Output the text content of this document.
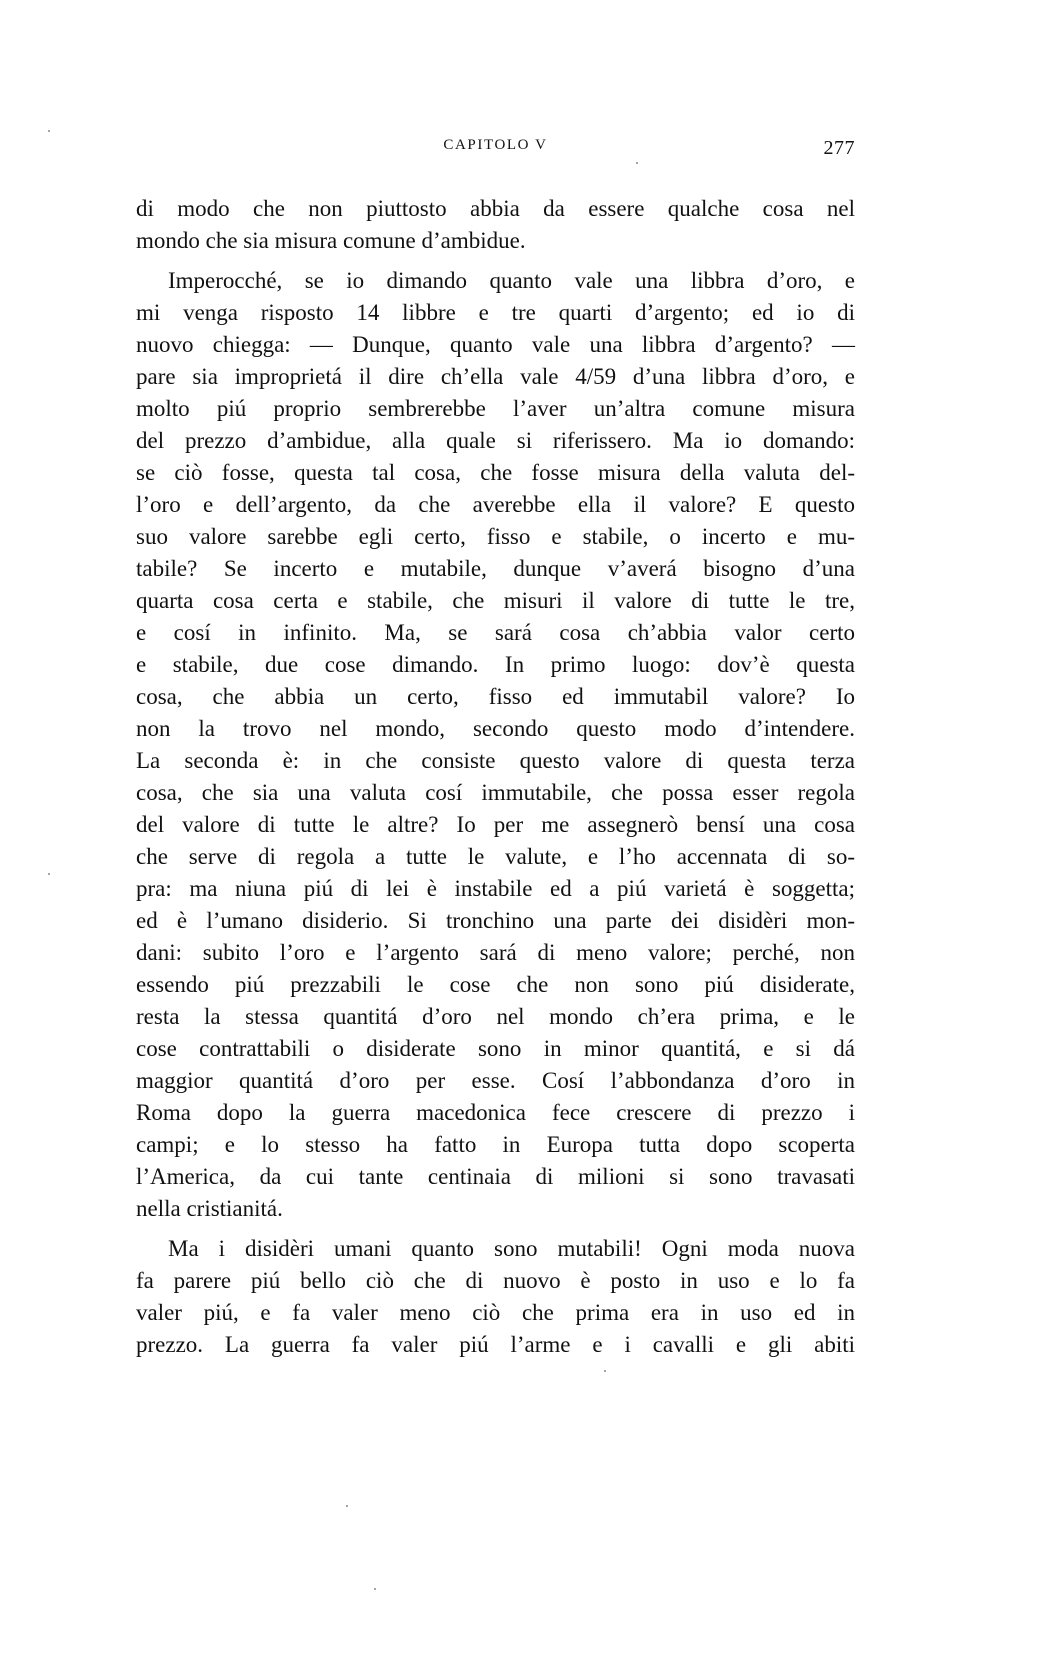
CAPITOLO V	277
di modo che non piuttosto abbia da essere qualche cosa nel
mondo che sia misura comune d’ambidue.
Imperocché, se io dimando quanto vale una libbra d’oro, e
mi venga risposto 14 libbre e tre quarti d’argento; ed io di
nuovo chiegga: — Dunque, quanto vale una libbra d’argento? —
pare sia improprietá il dire ch’ella vale 4/59 d’una libbra d’oro, e
molto piú proprio sembrerebbe l’aver un’altra comune misura
del prezzo d’ambidue, alla quale si riferissero. Ma io domando:
se ciò fosse, questa tal cosa, che fosse misura della valuta del-
l’oro e dell’argento, da che averebbe ella il valore? E questo
suo valore sarebbe egli certo, fisso e stabile, o incerto e mu-
tabile? Se incerto e mutabile, dunque v’averá bisogno d’una
quarta cosa certa e stabile, che misuri il valore di tutte le tre,
e cosí in infinito. Ma, se sará cosa ch’abbia valor certo
e stabile, due cose dimando. In primo luogo: dov’è questa
cosa, che abbia un certo, fisso ed immutabil valore? Io
non la trovo nel mondo, secondo questo modo d’intendere.
La seconda è: in che consiste questo valore di questa terza
cosa, che sia una valuta cosí immutabile, che possa esser regola
del valore di tutte le altre? Io per me assegnerò bensí una cosa
che serve di regola a tutte le valute, e l’ho accennata di so-
pra: ma niuna piú di lei è instabile ed a piú varietá è soggetta;
ed è l’umano disiderio. Si tronchino una parte dei disidèri mon-
dani: subito l’oro e l’argento sará di meno valore; perché, non
essendo piú prezzabili le cose che non sono piú disiderate,
resta la stessa quantitá d’oro nel mondo ch’era prima, e le
cose contrattabili o disiderate sono in minor quantitá, e si dá
maggior quantitá d’oro per esse. Cosí l’abbondanza d’oro in
Roma dopo la guerra macedonica fece crescere di prezzo i
campi; e lo stesso ha fatto in Europa tutta dopo scoperta
l’America, da cui tante centinaia di milioni si sono travasati
nella cristianitá.
Ma i disidèri umani quanto sono mutabili! Ogni moda nuova
fa parere piú bello ciò che di nuovo è posto in uso e lo fa
valer piú, e fa valer meno ciò che prima era in uso ed in
prezzo. La guerra fa valer piú l’arme e i cavalli e gli abiti
